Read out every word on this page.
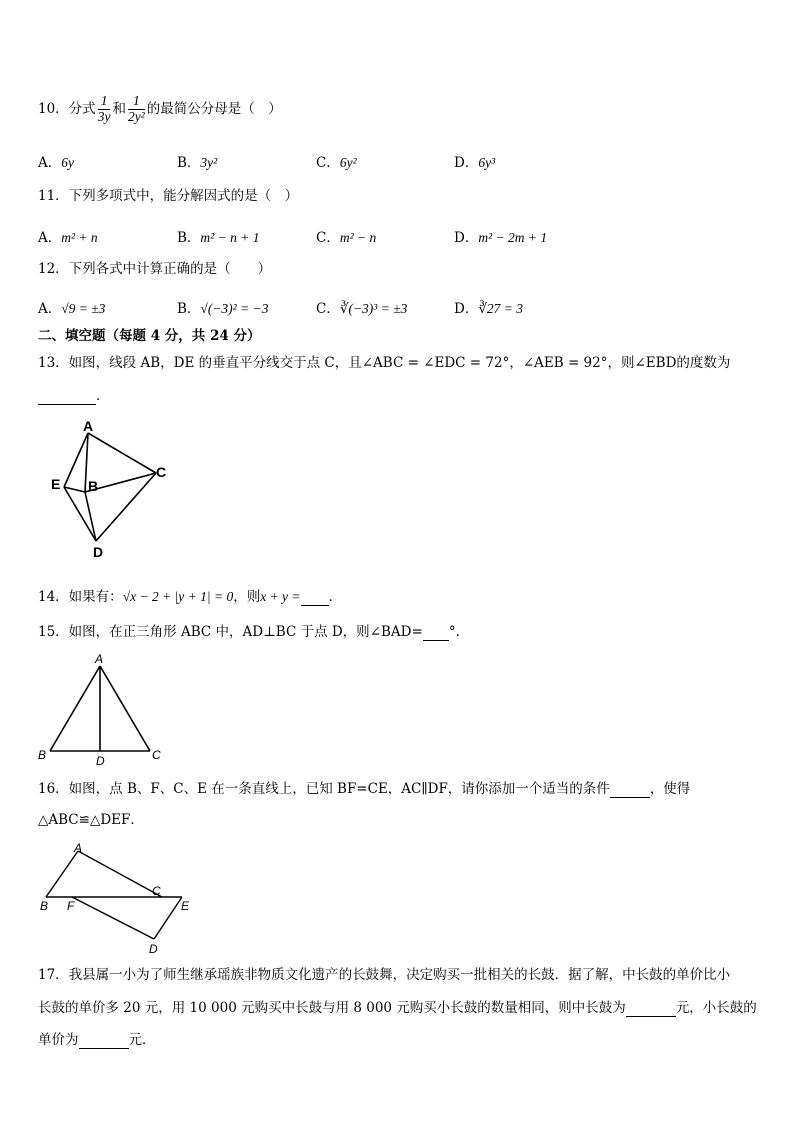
10．分式 $\frac{1}{3y}$ 和 $\frac{1}{\text{2y²}}$ 的最简公分母是（　）
A．6y	B．3y²	C．6y²	D．6y³
11．下列多项式中，能分解因式的是（　）
A．m² + n	B．m² − n + 1	C．m² − n	D．m² − 2m + 1
12．下列各式中计算正确的是（　　）
A．√9 = ±3	B．√(−3)² = −3	C．∛(−3)³ = ±3	D．∛27 = 3
二、填空题（每题 4 分，共 24 分）
13．如图，线段 AB，DE 的垂直平分线交于点 C，且∠ABC = ∠EDC = 72°，∠AEB = 92°，则∠EBD的度数为
．
A
E B
C
D
14．如果有：√x − 2 + |y + 1| = 0，则x + y = ．
15．如图，在正三角形 ABC 中，AD⊥BC 于点 D，则∠BAD= °．
A
B	C
D
16．如图，点 B、F、C、E 在一条直线上，已知 BF=CE，AC∥DF，请你添加一个适当的条件	，使得
△ABC≌△DEF．
A
B F
C
E
D
17．我县属一小为了师生继承瑶族非物质文化遗产的长鼓舞，决定购买一批相关的长鼓．据了解，中长鼓的单价比小
长鼓的单价多 20 元，用 10 000 元购买中长鼓与用 8 000 元购买小长鼓的数量相同，则中长鼓为	元，小长鼓的
单价为	元．
